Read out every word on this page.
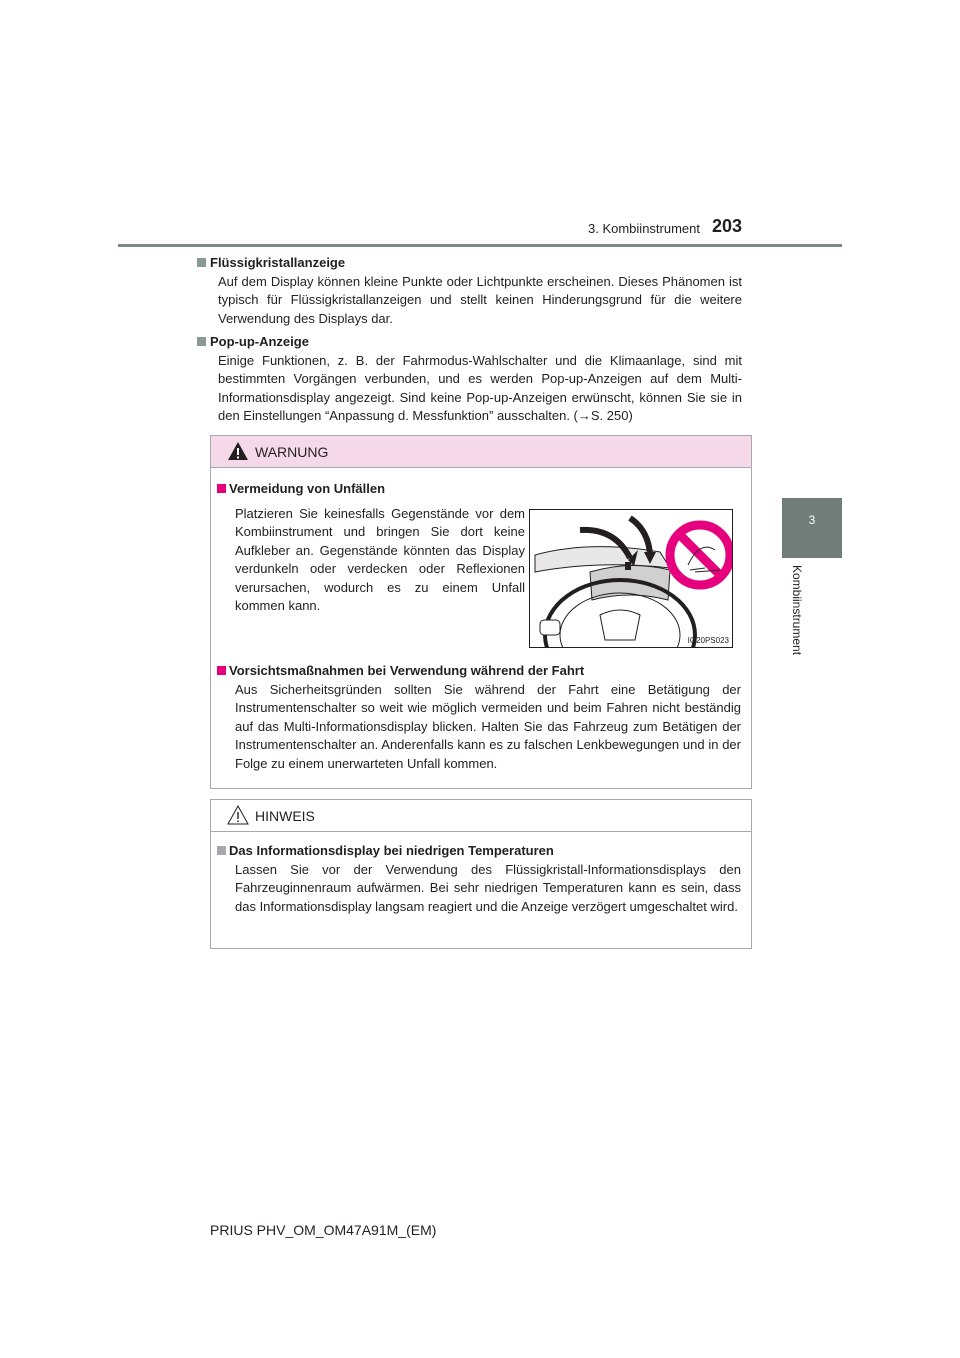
3. Kombiinstrument 203
3
Kombiinstrument
Flüssigkristallanzeige
Auf dem Display können kleine Punkte oder Lichtpunkte erscheinen. Dieses Phänomen ist typisch für Flüssigkristallanzeigen und stellt keinen Hinderungsgrund für die weitere Verwendung des Displays dar.
Pop-up-Anzeige
Einige Funktionen, z. B. der Fahrmodus-Wahlschalter und die Klimaanlage, sind mit bestimmten Vorgängen verbunden, und es werden Pop-up-Anzeigen auf dem Multi-Informationsdisplay angezeigt. Sind keine Pop-up-Anzeigen erwünscht, können Sie sie in den Einstellungen “Anpassung d. Messfunktion” ausschalten. (→S. 250)
WARNUNG
Vermeidung von Unfällen
Platzieren Sie keinesfalls Gegenstände vor dem Kombiinstrument und bringen Sie dort keine Aufkleber an. Gegenstände könnten das Display verdunkeln oder verdecken oder Reflexionen verursachen, wodurch es zu einem Unfall kommen kann.
IO20PS023
Vorsichtsmaßnahmen bei Verwendung während der Fahrt
Aus Sicherheitsgründen sollten Sie während der Fahrt eine Betätigung der Instrumentenschalter so weit wie möglich vermeiden und beim Fahren nicht beständig auf das Multi-Informationsdisplay blicken. Halten Sie das Fahrzeug zum Betätigen der Instrumentenschalter an. Anderenfalls kann es zu falschen Lenkbewegungen und in der Folge zu einem unerwarteten Unfall kommen.
HINWEIS
Das Informationsdisplay bei niedrigen Temperaturen
Lassen Sie vor der Verwendung des Flüssigkristall-Informationsdisplays den Fahrzeuginnenraum aufwärmen. Bei sehr niedrigen Temperaturen kann es sein, dass das Informationsdisplay langsam reagiert und die Anzeige verzögert umgeschaltet wird.
PRIUS PHV_OM_OM47A91M_(EM)
